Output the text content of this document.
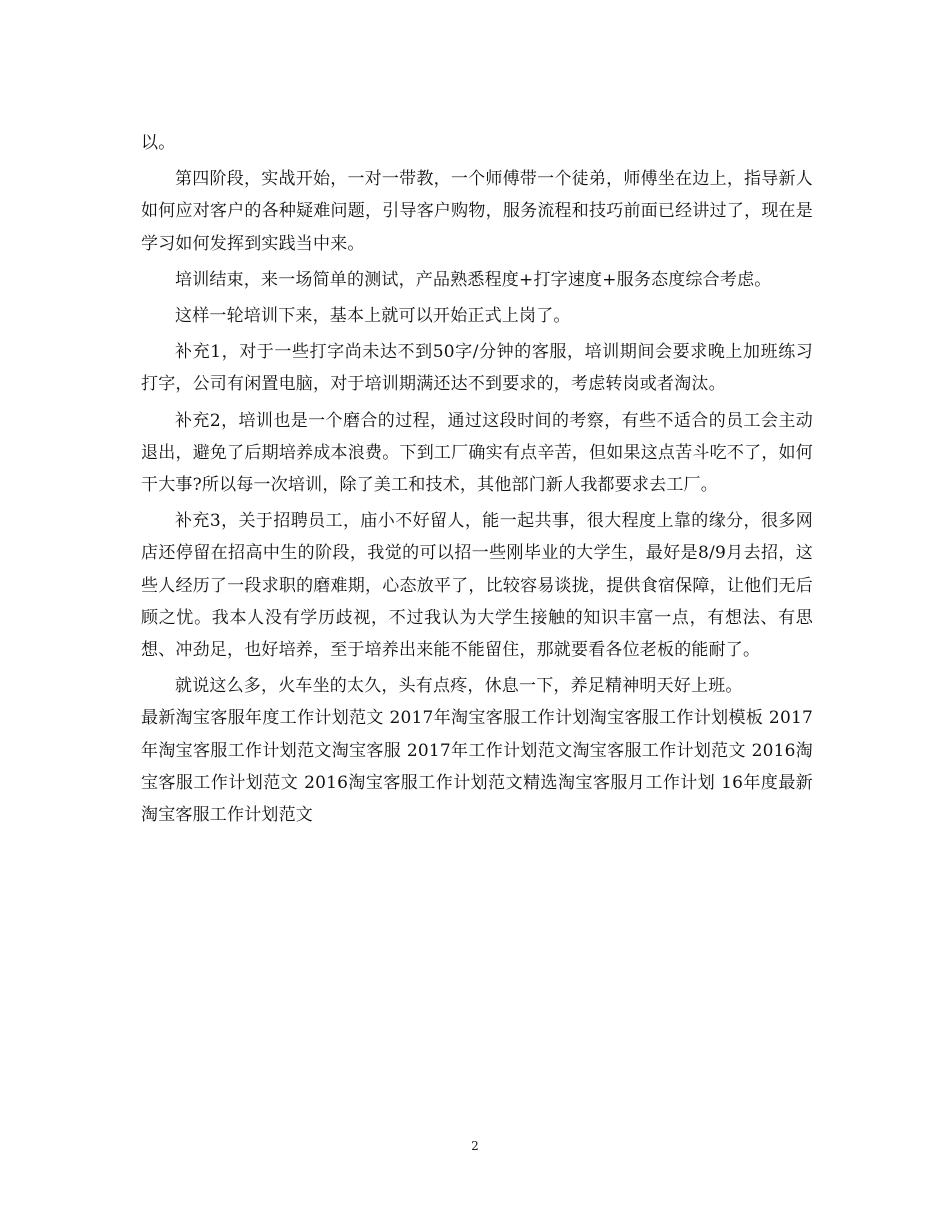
以。

第四阶段，实战开始，一对一带教，一个师傅带一个徒弟，师傅坐在边上，指导新人如何应对客户的各种疑难问题，引导客户购物，服务流程和技巧前面已经讲过了，现在是学习如何发挥到实践当中来。

培训结束，来一场简单的测试，产品熟悉程度+打字速度+服务态度综合考虑。

这样一轮培训下来，基本上就可以开始正式上岗了。

补充1，对于一些打字尚未达不到50字/分钟的客服，培训期间会要求晚上加班练习打字，公司有闲置电脑，对于培训期满还达不到要求的，考虑转岗或者淘汰。

补充2，培训也是一个磨合的过程，通过这段时间的考察，有些不适合的员工会主动退出，避免了后期培养成本浪费。下到工厂确实有点辛苦，但如果这点苦斗吃不了，如何干大事?所以每一次培训，除了美工和技术，其他部门新人我都要求去工厂。

补充3，关于招聘员工，庙小不好留人，能一起共事，很大程度上靠的缘分，很多网店还停留在招高中生的阶段，我觉的可以招一些刚毕业的大学生，最好是8/9月去招，这些人经历了一段求职的磨难期，心态放平了，比较容易谈拢，提供食宿保障，让他们无后顾之忧。我本人没有学历歧视，不过我认为大学生接触的知识丰富一点，有想法、有思想、冲劲足，也好培养，至于培养出来能不能留住，那就要看各位老板的能耐了。

就说这么多，火车坐的太久，头有点疼，休息一下，养足精神明天好上班。

最新淘宝客服年度工作计划范文 2017年淘宝客服工作计划淘宝客服工作计划模板 2017年淘宝客服工作计划范文淘宝客服 2017年工作计划范文淘宝客服工作计划范文 2016淘宝客服工作计划范文 2016淘宝客服工作计划范文精选淘宝客服月工作计划 16年度最新淘宝客服工作计划范文

2
